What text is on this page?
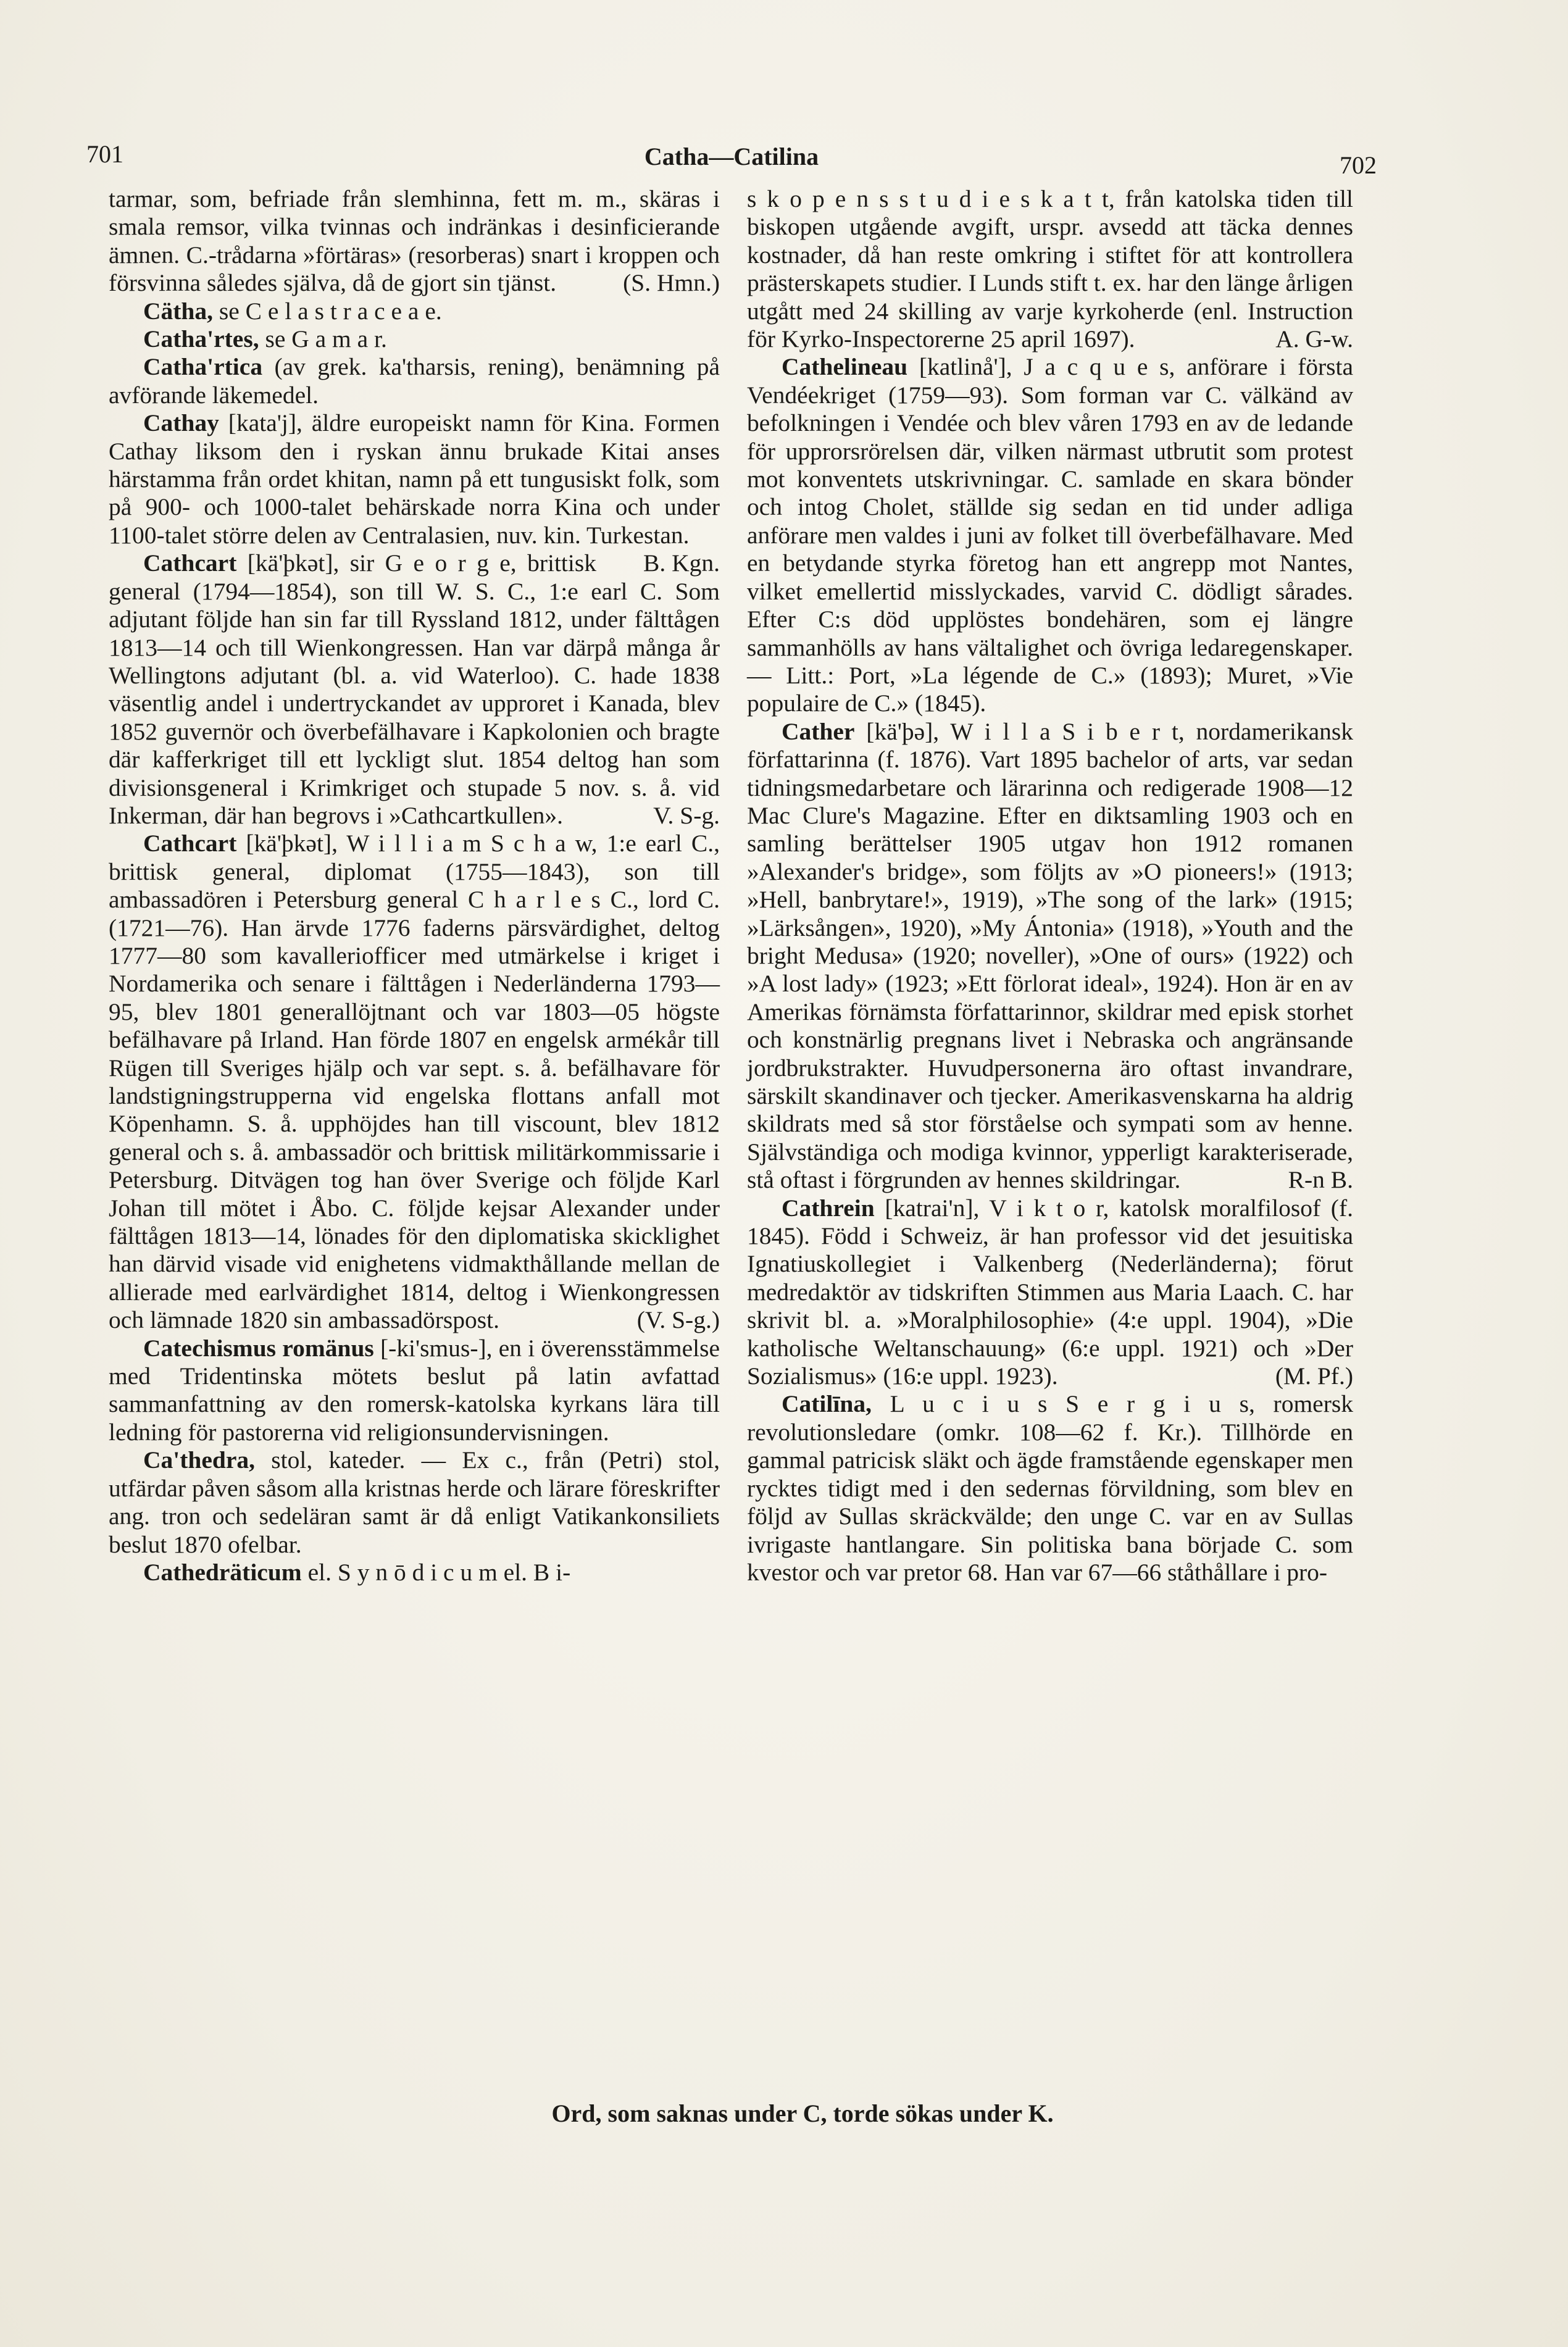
701	Catha—Catilina	702

tarmar, som, befriade från slemhinna, fett m. m., skäras i smala remsor, vilka tvinnas och indränkas i desinficierande ämnen. C.-trådarna »förtäras» (resorberas) snart i kroppen och försvinna således själva, då de gjort sin tjänst.	(S. Hmn.)

Cätha, se C e l a s t r a c e a e.

Catha'rtes, se G a m a r.

Catha'rtica (av grek. ka'tharsis, rening), benämning på avförande läkemedel.

Cathay [kata'j], äldre europeiskt namn för Kina. Formen Cathay liksom den i ryskan ännu brukade Kitai anses härstamma från ordet khitan, namn på ett tungusiskt folk, som på 900- och 1000-talet behärskade norra Kina och under 1100-talet större delen av Centralasien, nuv. kin. Turkestan.
B. Kgn.

Cathcart [kä'þkət], sir G e o r g e, brittisk general (1794—1854), son till W. S. C., 1:e earl C. Som adjutant följde han sin far till Ryssland 1812, under fälttågen 1813—14 och till Wienkongressen. Han var därpå många år Wellingtons adjutant (bl. a. vid Waterloo). C. hade 1838 väsentlig andel i undertryckandet av upproret i Kanada, blev 1852 guvernör och överbefälhavare i Kapkolonien och bragte där kafferkriget till ett lyckligt slut. 1854 deltog han som divisionsgeneral i Krimkriget och stupade 5 nov. s. å. vid Inkerman, där han begrovs i »Cathcartkullen».	V. S-g.

Cathcart [kä'þkət], W i l l i a m S c h a w, 1:e earl C., brittisk general, diplomat (1755—1843), son till ambassadören i Petersburg general C h a r l e s C., lord C. (1721—76). Han ärvde 1776 faderns pärsvärdighet, deltog 1777—80 som kavalleriofficer med utmärkelse i kriget i Nordamerika och senare i fälttågen i Nederländerna 1793—95, blev 1801 generallöjtnant och var 1803—05 högste befälhavare på Irland. Han förde 1807 en engelsk armékår till Rügen till Sveriges hjälp och var sept. s. å. befälhavare för landstigningstrupperna vid engelska flottans anfall mot Köpenhamn. S. å. upphöjdes han till viscount, blev 1812 general och s. å. ambassadör och brittisk militärkommissarie i Petersburg. Ditvägen tog han över Sverige och följde Karl Johan till mötet i Åbo. C. följde kejsar Alexander under fälttågen 1813—14, lönades för den diplomatiska skicklighet han därvid visade vid enighetens vidmakthållande mellan de allierade med earlvärdighet 1814, deltog i Wienkongressen och lämnade 1820 sin ambassadörspost.	(V. S-g.)

Catechismus romänus [-ki'smus-], en i överensstämmelse med Tridentinska mötets beslut på latin avfattad sammanfattning av den romersk-katolska kyrkans lära till ledning för pastorerna vid religionsundervisningen.

Ca'thedra, stol, kateder. — Ex c., från (Petri) stol, utfärdar påven såsom alla kristnas herde och lärare föreskrifter ang. tron och sedeläran samt är då enligt Vatikankonsiliets beslut 1870 ofelbar.

Cathedräticum el. S y n ō d i c u m el. B i-

s k o p e n s s t u d i e s k a t t, från katolska tiden till biskopen utgående avgift, urspr. avsedd att täcka dennes kostnader, då han reste omkring i stiftet för att kontrollera prästerskapets studier. I Lunds stift t. ex. har den länge årligen utgått med 24 skilling av varje kyrkoherde (enl. Instruction för Kyrko-Inspectorerne 25 april 1697).	A. G-w.

Cathelineau [katlinå'], J a c q u e s, anförare i första Vendéekriget (1759—93). Som forman var C. välkänd av befolkningen i Vendée och blev våren 1793 en av de ledande för upprorsrörelsen där, vilken närmast utbrutit som protest mot konventets utskrivningar. C. samlade en skara bönder och intog Cholet, ställde sig sedan en tid under adliga anförare men valdes i juni av folket till överbefälhavare. Med en betydande styrka företog han ett angrepp mot Nantes, vilket emellertid misslyckades, varvid C. dödligt sårades. Efter C:s död upplöstes bondehären, som ej längre sammanhölls av hans vältalighet och övriga ledaregenskaper. — Litt.: Port, »La légende de C.» (1893); Muret, »Vie populaire de C.» (1845).

Cather [kä'þə], W i l l a S i b e r t, nordamerikansk författarinna (f. 1876). Vart 1895 bachelor of arts, var sedan tidningsmedarbetare och lärarinna och redigerade 1908—12 Mac Clure's Magazine. Efter en diktsamling 1903 och en samling berättelser 1905 utgav hon 1912 romanen »Alexander's bridge», som följts av »O pioneers!» (1913; »Hell, banbrytare!», 1919), »The song of the lark» (1915; »Lärksången», 1920), »My Ántonia» (1918), »Youth and the bright Medusa» (1920; noveller), »One of ours» (1922) och »A lost lady» (1923; »Ett förlorat ideal», 1924). Hon är en av Amerikas förnämsta författarinnor, skildrar med episk storhet och konstnärlig pregnans livet i Nebraska och angränsande jordbrukstrakter. Huvudpersonerna äro oftast invandrare, särskilt skandinaver och tjecker. Amerikasvenskarna ha aldrig skildrats med så stor förståelse och sympati som av henne. Självständiga och modiga kvinnor, ypperligt karakteriserade, stå oftast i förgrunden av hennes skildringar.	R-n B.

Cathrein [katrai'n], V i k t o r, katolsk moralfilosof (f. 1845). Född i Schweiz, är han professor vid det jesuitiska Ignatiuskollegiet i Valkenberg (Nederländerna); förut medredaktör av tidskriften Stimmen aus Maria Laach. C. har skrivit bl. a. »Moralphilosophie» (4:e uppl. 1904), »Die katholische Weltanschauung» (6:e uppl. 1921) och »Der Sozialismus» (16:e uppl. 1923).	(M. Pf.)

Catilīna, L u c i u s S e r g i u s, romersk revolutionsledare (omkr. 108—62 f. Kr.). Tillhörde en gammal patricisk släkt och ägde framstående egenskaper men rycktes tidigt med i den sedernas förvildning, som blev en följd av Sullas skräckvälde; den unge C. var en av Sullas ivrigaste hantlangare. Sin politiska bana började C. som kvestor och var pretor 68. Han var 67—66 ståthållare i pro-

Ord, som saknas under C, torde sökas under K.
